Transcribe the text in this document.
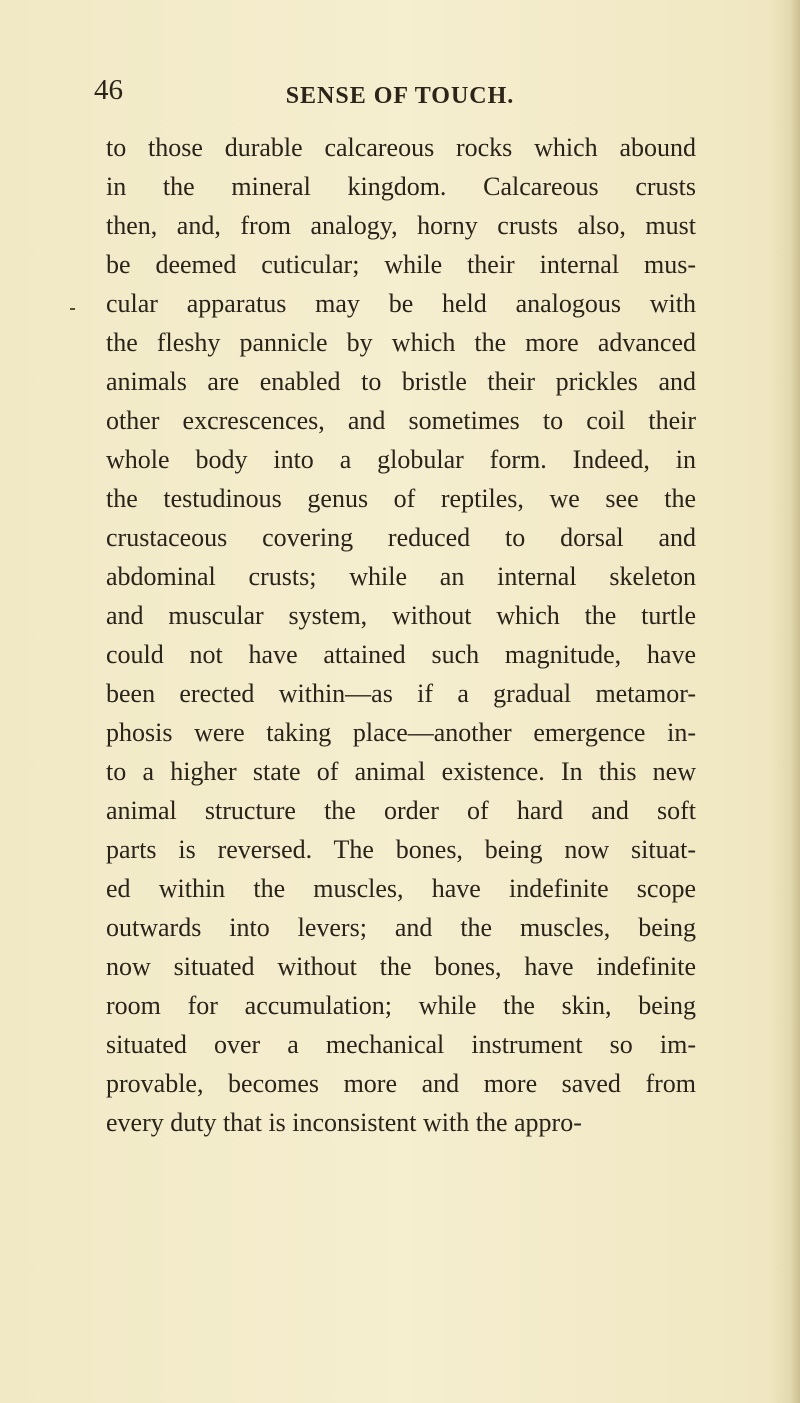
46	SENSE OF TOUCH.
to those durable calcareous rocks which abound
in the mineral kingdom. Calcareous crusts
then, and, from analogy, horny crusts also, must
be deemed cuticular; while their internal mus-
cular apparatus may be held analogous with
the fleshy pannicle by which the more advanced
animals are enabled to bristle their prickles and
other excrescences, and sometimes to coil their
whole body into a globular form. Indeed, in
the testudinous genus of reptiles, we see the
crustaceous covering reduced to dorsal and
abdominal crusts; while an internal skeleton
and muscular system, without which the turtle
could not have attained such magnitude, have
been erected within—as if a gradual metamor-
phosis were taking place—another emergence in-
to a higher state of animal existence. In this new
animal structure the order of hard and soft
parts is reversed. The bones, being now situat-
ed within the muscles, have indefinite scope
outwards into levers; and the muscles, being
now situated without the bones, have indefinite
room for accumulation; while the skin, being
situated over a mechanical instrument so im-
provable, becomes more and more saved from
every duty that is inconsistent with the appro-
